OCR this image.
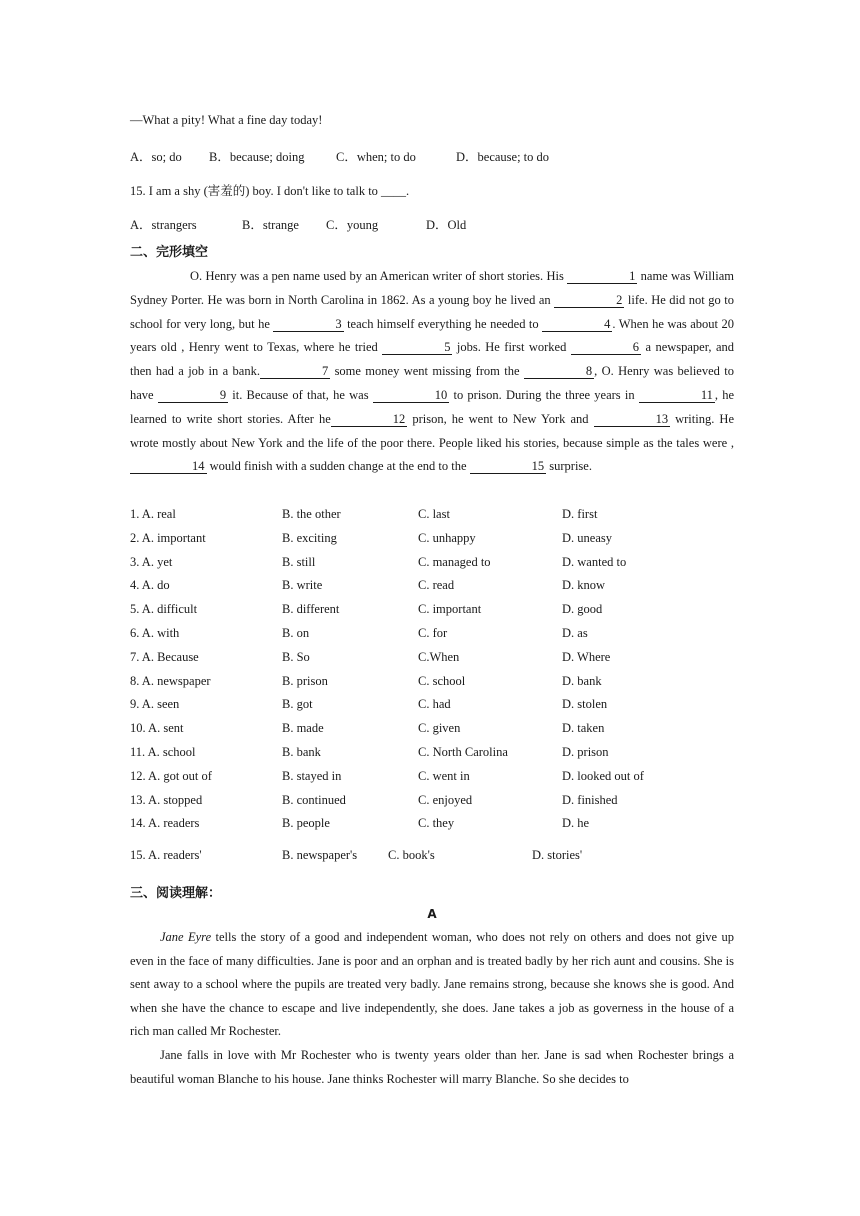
—What a pity! What a fine day today!
A．so; do B．because; doing	C．when; to do	D．because; to do
15. I am a shy (害羞的) boy. I don't like to talk to ____.
A．strangers	B．strange C．young	D．Old
二、完形填空

O. Henry was a pen name used by an American writer of short stories. His	1 name was William Sydney Porter. He was born in North Carolina in 1862. As a young boy he lived an	2 life. He did not go to school for very long, but he	3 teach himself everything he needed to	4 . When he was about 20 years old , Henry went to Texas, where he tried	5 jobs. He first worked	6 a newspaper, and then had a job in a bank.	7 some money went missing from the	8 , O. Henry was believed to have	9 it. Because of that, he was	10 to prison. During the three years in	11 , he learned to write short stories. After he	12 prison, he went to New York and	13 writing. He wrote mostly about New York and the life of the poor there. People liked his stories, because simple as the tales were ,14 would finish with a sudden change at the end to the	15 surprise.

1. A. real	B. the other	C. last	D. first
2. A. important	B. exciting	C. unhappy	D. uneasy
3. A. yet	B. still	C. managed to	D. wanted to
4. A. do	B. write	C. read	D. know
5. A. difficult	B. different	C. important	D. good
6. A. with	B. on	C. for	D. as
7. A. Because	B. So	C.When	D. Where
8. A. newspaper	B. prison	C. school	D. bank
9. A. seen	B. got	C. had	D. stolen
10. A. sent	B. made	C. given	D. taken
11. A. school	B. bank	C. North Carolina	D. prison
12. A. got out of	B. stayed in	C. went in	D. looked out of
13. A. stopped	B. continued	C. enjoyed	D. finished
14. A. readers	B. people	C. they	D. he
15. A. readers'	B. newspaper's C. book's	D. stories'
三、阅读理解：
A

Jane Eyre tells the story of a good and independent woman, who does not rely on others and does not give up even in the face of many difficulties. Jane is poor and an orphan and is treated badly by her rich aunt and cousins. She is sent away to a school where the pupils are treated very badly. Jane remains strong, because she knows she is good. And when she have the chance to escape and live independently, she does. Jane takes a job as governess in the house of a rich man called Mr Rochester.

Jane falls in love with Mr Rochester who is twenty years older than her. Jane is sad when Rochester brings a beautiful woman Blanche to his house. Jane thinks Rochester will marry Blanche. So she decides to
